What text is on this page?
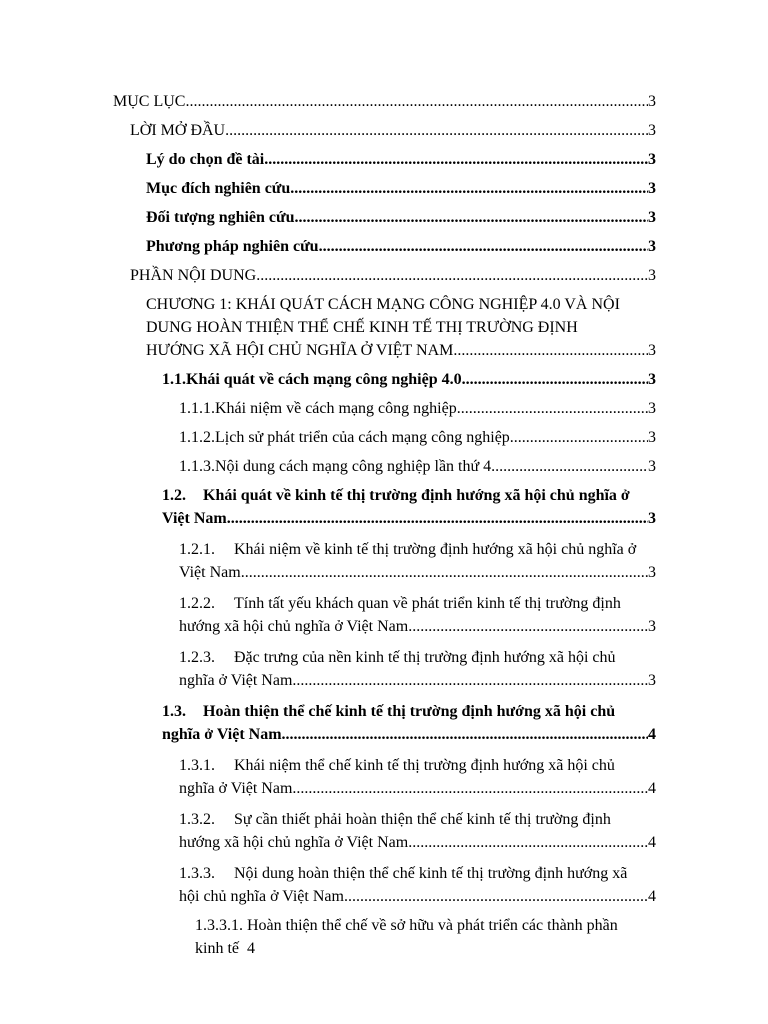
MỤC LỤC .....	3
LỜI MỞ ĐẦU .....	3
Lý do chọn đề tài .....	3
Mục đích nghiên cứu .....	3
Đối tượng nghiên cứu .....	3
Phương pháp nghiên cứu .....	3
PHẦN NỘI DUNG .....	3
CHƯƠNG 1: KHÁI QUÁT CÁCH MẠNG CÔNG NGHIỆP 4.0 VÀ NỘI
DUNG HOÀN THIỆN THỂ CHẾ KINH TẾ THỊ TRƯỜNG ĐỊNH
HƯỚNG XÃ HỘI CHỦ NGHĨA Ở VIỆT NAM .....	3
1.1. Khái quát về cách mạng công nghiệp 4.0 .....	3
1.1.1. Khái niệm về cách mạng công nghiệp .....	3
1.1.2. Lịch sử phát triển của cách mạng công nghiệp .....	3
1.1.3. Nội dung cách mạng công nghiệp lần thứ 4 .....	3
1.2. Khái quát về kinh tế thị trường định hướng xã hội chủ nghĩa ở
Việt Nam .....	3
1.2.1. Khái niệm về kinh tế thị trường định hướng xã hội chủ nghĩa ở
Việt Nam .....	3
1.2.2. Tính tất yếu khách quan về phát triển kinh tế thị trường định
hướng xã hội chủ nghĩa ở Việt Nam .....	3
1.2.3. Đặc trưng của nền kinh tế thị trường định hướng xã hội chủ
nghĩa ở Việt Nam .....	3
1.3. Hoàn thiện thể chế kinh tế thị trường định hướng xã hội chủ
nghĩa ở Việt Nam .....	4
1.3.1. Khái niệm thể chế kinh tế thị trường định hướng xã hội chủ
nghĩa ở Việt Nam .....	4
1.3.2. Sự cần thiết phải hoàn thiện thể chế kinh tế thị trường định
hướng xã hội chủ nghĩa ở Việt Nam .....	4
1.3.3. Nội dung hoàn thiện thể chế kinh tế thị trường định hướng xã
hội chủ nghĩa ở Việt Nam .....	4
1.3.3.1. Hoàn thiện thể chế về sở hữu và phát triển các thành phần
kinh tế 4
